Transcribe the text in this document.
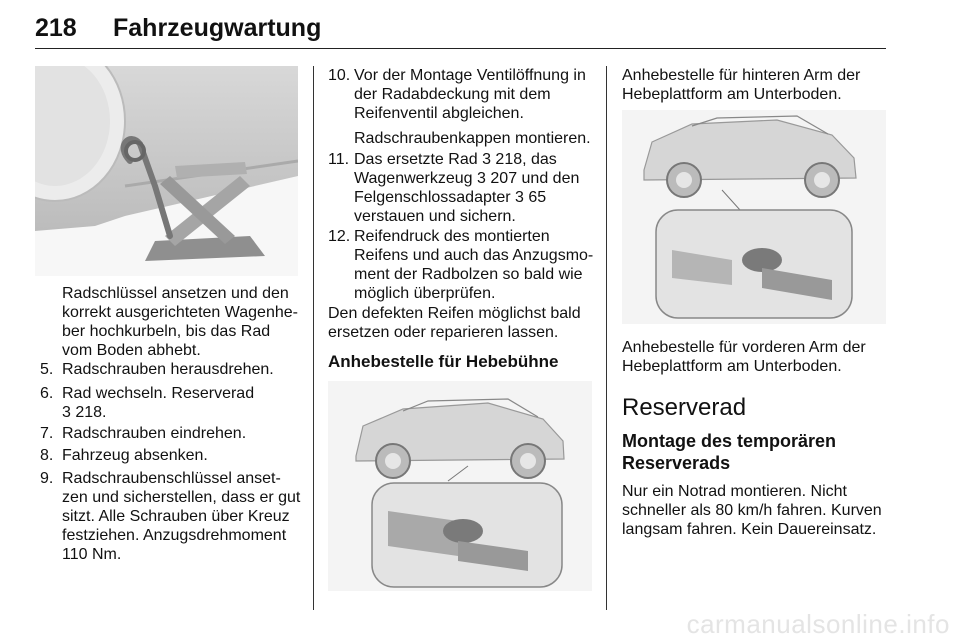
218 Fahrzeugwartung
Radschlüssel ansetzen und den korrekt ausgerichteten Wagenhe-ber hochkurbeln, bis das Rad vom Boden abhebt.
5. Radschrauben herausdrehen.
6. Rad wechseln. Reserverad
3 218.
7. Radschrauben eindrehen.
8. Fahrzeug absenken.
9. Radschraubenschlüssel anset-zen und sicherstellen, dass er gut sitzt. Alle Schrauben über Kreuz festziehen. Anzugsdrehmoment 110 Nm.
10. Vor der Montage Ventilöffnung in der Radabdeckung mit dem Reifenventil abgleichen.
Radschraubenkappen montieren.
11. Das ersetzte Rad 3 218, das
Wagenwerkzeug 3 207 und den
Felgenschlossadapter 3 65
verstauen und sichern.
12. Reifendruck des montierten Reifens und auch das Anzugsmo-ment der Radbolzen so bald wie möglich überprüfen.
Den defekten Reifen möglichst bald ersetzen oder reparieren lassen.
Anhebestelle für Hebebühne
Anhebestelle für hinteren Arm der Hebeplattform am Unterboden.
Anhebestelle für vorderen Arm der Hebeplattform am Unterboden.
Reserverad
Montage des temporären Reserverads
Nur ein Notrad montieren. Nicht schneller als 80 km/h fahren. Kurven langsam fahren. Kein Dauereinsatz.
carmanualsonline.info
